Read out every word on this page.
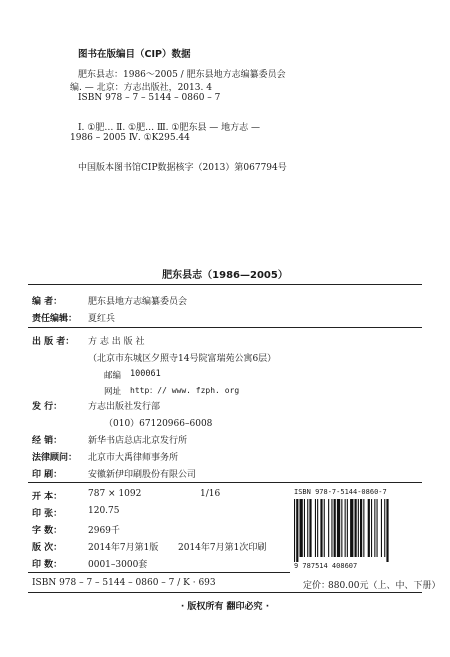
图书在版编目（CIP）数据
肥东县志：1986～2005 / 肥东县地方志编纂委员会
编. — 北京：方志出版社，2013. 4
ISBN 978 – 7 – 5144 – 0860 – 7
Ⅰ. ①肥… Ⅱ. ①肥… Ⅲ. ①肥东县 — 地方志 —
1986 – 2005 Ⅳ. ①K295.44
中国版本图书馆CIP数据核字（2013）第067794号
肥东县志（1986—2005）
编 者：	肥东县地方志编纂委员会
责任编辑： 夏红兵
出 版 者： 方 志 出 版 社
（北京市东城区夕照寺14号院富瑞苑公寓6层）
邮编 100061
网址 http：// www. fzph. org
发 行：	方志出版社发行部
（010）67120966–6008
经 销：	新华书店总店北京发行所
法律顾问： 北京市大禹律师事务所
印 刷：	安徽新伊印刷股份有限公司
开 本：	787 × 1092	1/16
印 张：	120.75
字 数：	2969千
版 次：	2014年7月第1版 2014年7月第1次印刷
印 数：	0001–3000套
ISBN 978-7-5144-0860-7
9 787514 408607
ISBN 978 – 7 – 5144 – 0860 – 7 / K · 693	定价：
880.00元（上、中、下册）
· 版权所有 翻印必究 ·
